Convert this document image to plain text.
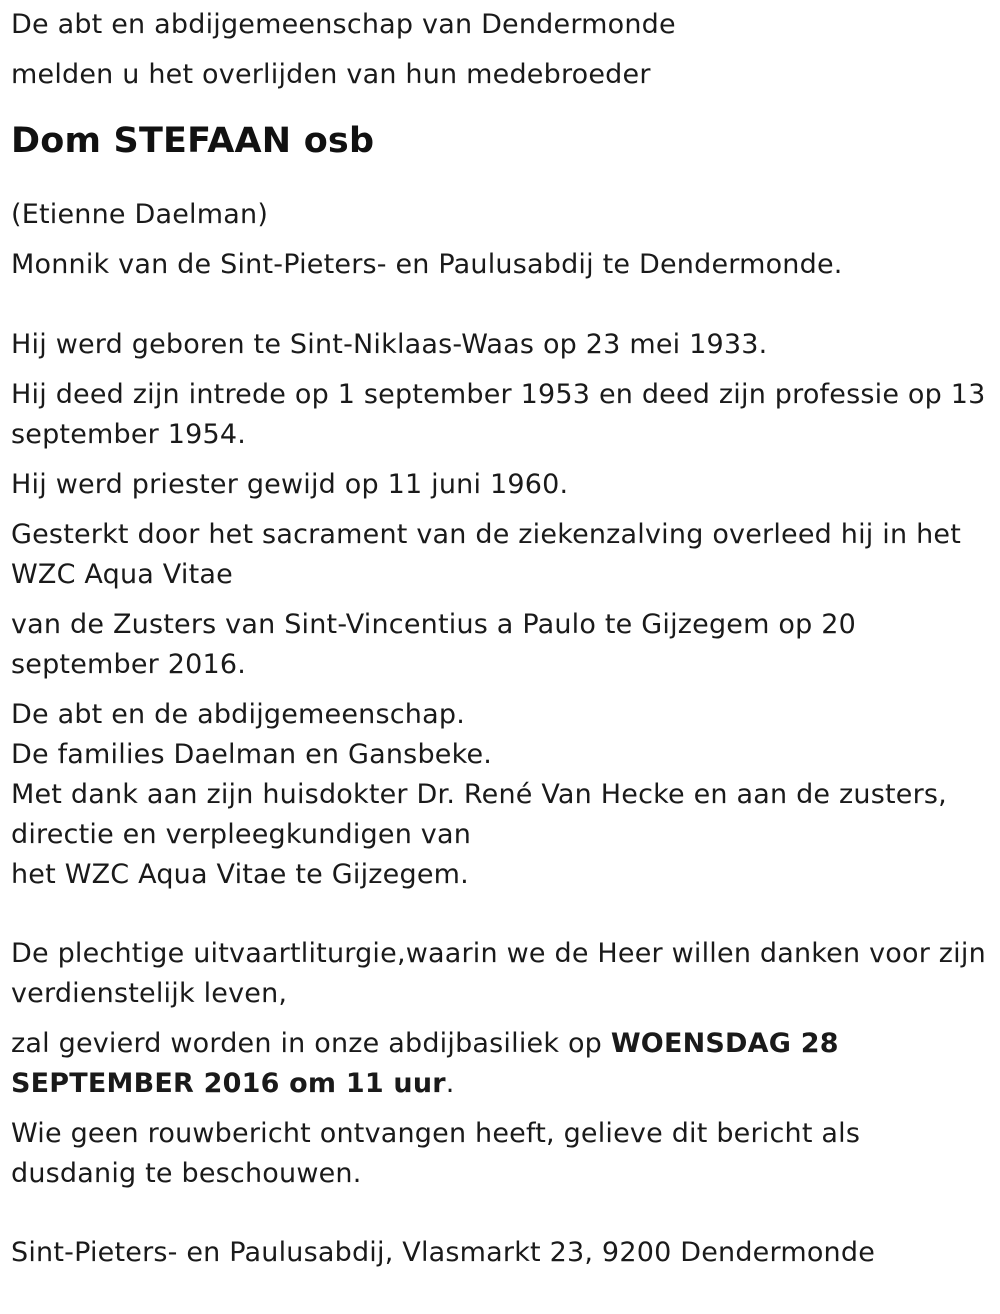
De abt en abdijgemeenschap van Dendermonde
melden u het overlijden van hun medebroeder
Dom STEFAAN osb
(Etienne Daelman)
Monnik van de Sint-Pieters- en Paulusabdij te Dendermonde.
Hij werd geboren te Sint-Niklaas-Waas op 23 mei 1933.
Hij deed zijn intrede op 1 september 1953 en deed zijn professie op 13 september 1954.
Hij werd priester gewijd op 11 juni 1960.
Gesterkt door het sacrament van de ziekenzalving overleed hij in het WZC Aqua Vitae
van de Zusters van Sint-Vincentius a Paulo te Gijzegem op 20 september 2016.
De abt en de abdijgemeenschap.
De families Daelman en Gansbeke.
Met dank aan zijn huisdokter Dr. René Van Hecke en aan de zusters, directie en verpleegkundigen van
het WZC Aqua Vitae te Gijzegem.
De plechtige uitvaartliturgie,waarin we de Heer willen danken voor zijn verdienstelijk leven,
zal gevierd worden in onze abdijbasiliek op WOENSDAG 28 SEPTEMBER 2016 om 11 uur.
Wie geen rouwbericht ontvangen heeft, gelieve dit bericht als dusdanig te beschouwen.
Sint-Pieters- en Paulusabdij, Vlasmarkt 23, 9200 Dendermonde
